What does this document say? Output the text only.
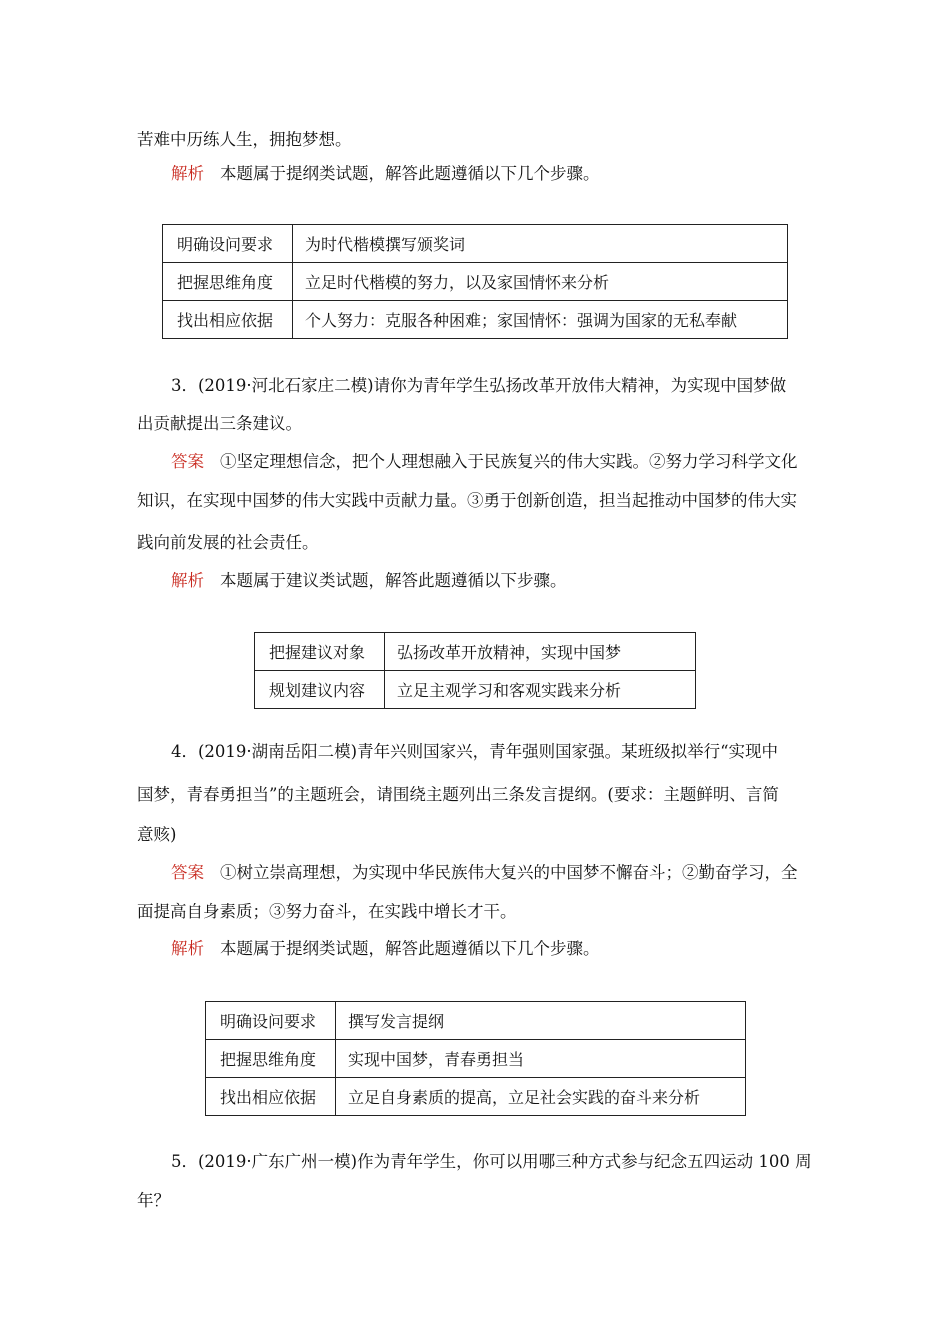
苦难中历练人生，拥抱梦想。

解析 本题属于提纲类试题，解答此题遵循以下几个步骤。

明确设问要求	为时代楷模撰写颁奖词
把握思维角度	立足时代楷模的努力，以及家国情怀来分析
找出相应依据	个人努力：克服各种困难；家国情怀：强调为国家的无私奉献

3．(2019·河北石家庄二模)请你为青年学生弘扬改革开放伟大精神，为实现中国梦做

出贡献提出三条建议。

答案 ①坚定理想信念，把个人理想融入于民族复兴的伟大实践。②努力学习科学文化

知识，在实现中国梦的伟大实践中贡献力量。③勇于创新创造，担当起推动中国梦的伟大实

践向前发展的社会责任。

解析 本题属于建议类试题，解答此题遵循以下步骤。

把握建议对象	弘扬改革开放精神，实现中国梦
规划建议内容	立足主观学习和客观实践来分析

4．(2019·湖南岳阳二模)青年兴则国家兴，青年强则国家强。某班级拟举行“实现中

国梦，青春勇担当”的主题班会，请围绕主题列出三条发言提纲。(要求：主题鲜明、言简

意赅)

答案 ①树立崇高理想，为实现中华民族伟大复兴的中国梦不懈奋斗；②勤奋学习，全

面提高自身素质；③努力奋斗，在实践中增长才干。

解析 本题属于提纲类试题，解答此题遵循以下几个步骤。

明确设问要求	撰写发言提纲
把握思维角度	实现中国梦，青春勇担当
找出相应依据	立足自身素质的提高，立足社会实践的奋斗来分析

5．(2019·广东广州一模)作为青年学生，你可以用哪三种方式参与纪念五四运动 100 周

年？
